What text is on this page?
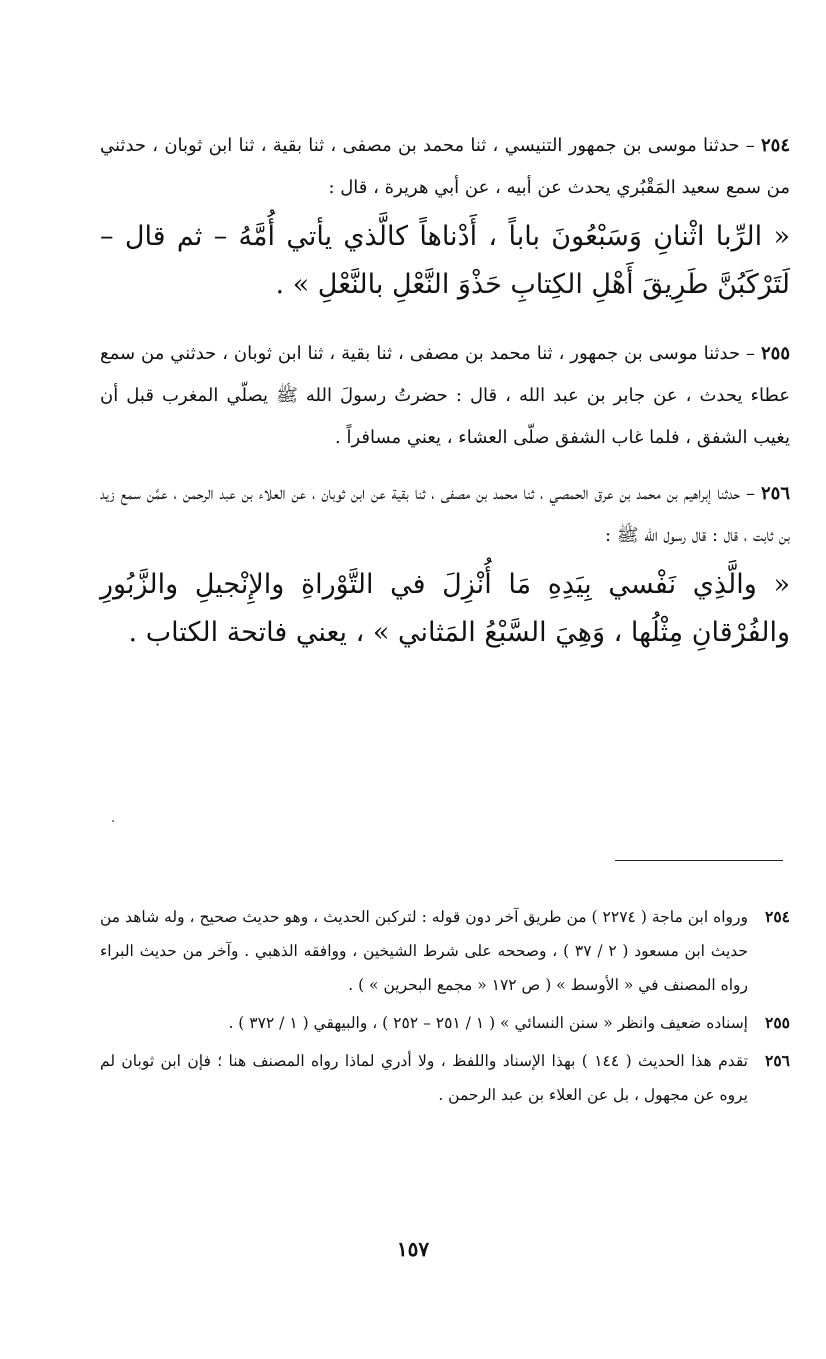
٢٥٤ – حدثنا موسى بن جمهور التنيسي ، ثنا محمد بن مصفى ، ثنا بقية ، ثنا ابن ثوبان ، حدثني من سمع سعيد المَقْبُري يحدث عن أبيه ، عن أبي هريرة ، قال :

« الرِّبا اثْنانِ وَسَبْعُونَ باباً ، أَدْناهاً كالَّذي يأتي أُمَّهُ – ثم قال – لَتَرْكَبُنَّ طَرِيقَ أَهْلِ الكِتابِ حَذْوَ النَّعْلِ بالنَّعْلِ » .

٢٥٥ – حدثنا موسى بن جمهور ، ثنا محمد بن مصفى ، ثنا بقية ، ثنا ابن ثوبان ، حدثني من سمع عطاء يحدث ، عن جابر بن عبد الله ، قال : حضرتُ رسولَ الله ﷺ يصلّي المغرب قبل أن يغيب الشفق ، فلما غاب الشفق صلّى العشاء ، يعني مسافراً .

٢٥٦ – حدثنا إبراهيم بن محمد بن عرق الحمصي ، ثنا محمد بن مصفى ، ثنا بقية عن ابن ثوبان ، عن العلاء بن عبد الرحمن ، عمَّن سمع زيد بن ثابت ، قال : قال رسول الله ﷺ :

« والَّذِي نَفْسي بِيَدِهِ مَا أُنْزِلَ في التَّوْراةِ والإِنْجيلِ والزَّبُورِ والفُرْقانِ مِثْلُها ، وَهِيَ السَّبْعُ المَثاني » ، يعني فاتحة الكتاب .

٢٥٤
ورواه ابن ماجة ( ٢٢٧٤ ) من طريق آخر دون قوله : لتركبن الحديث ، وهو حديث صحيح ، وله شاهد من حديث ابن مسعود ( ٢ / ٣٧ ) ، وصححه على شرط الشيخين ، ووافقه الذهبي . وآخر من حديث البراء رواه المصنف في « الأوسط » ( ص ١٧٢ « مجمع البحرين » ) .
٢٥٥
إسناده ضعيف وانظر « سنن النسائي » ( ١ / ٢٥١ – ٢٥٢ ) ، والبيهقي ( ١ / ٣٧٢ ) .
٢٥٦
تقدم هذا الحديث ( ١٤٤ ) بهذا الإسناد واللفظ ، ولا أدري لماذا رواه المصنف هنا ؛ فإن ابن ثوبان لم يروه عن مجهول ، بل عن العلاء بن عبد الرحمن .
١٥٧
